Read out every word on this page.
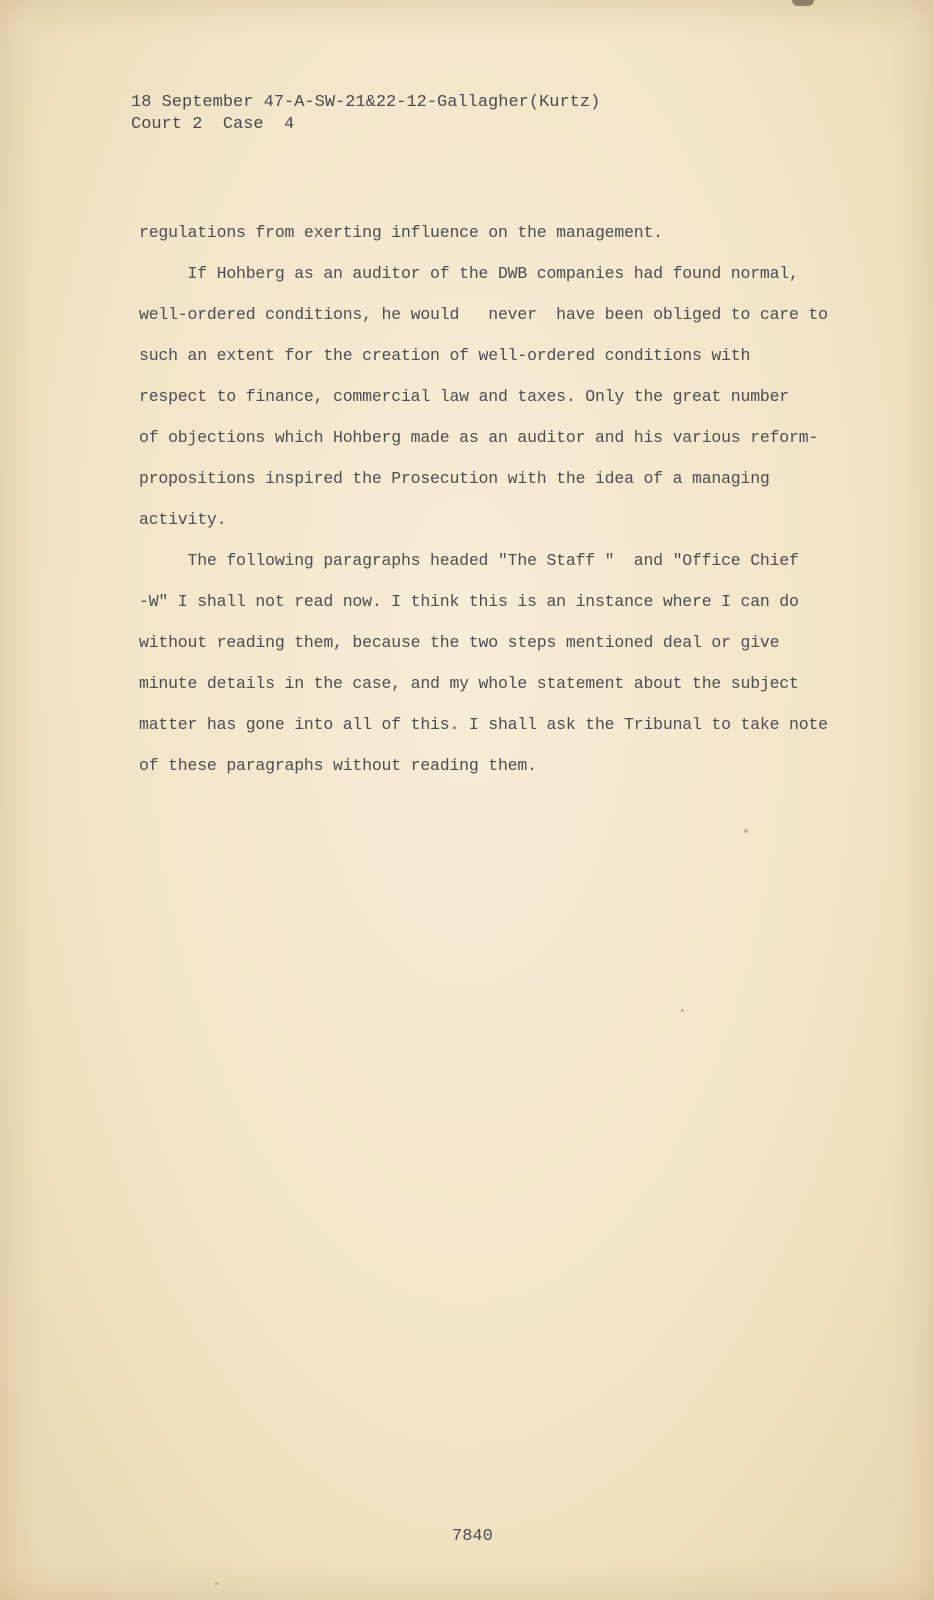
18 September 47-A-SW-21&22-12-Gallagher(Kurtz)
Court 2  Case  4
regulations from exerting influence on the management.
If Hohberg as an auditor of the DWB companies had found normal,
well-ordered conditions, he would   never  have been obliged to care to
such an extent for the creation of well-ordered conditions with
respect to finance, commercial law and taxes. Only the great number
of objections which Hohberg made as an auditor and his various reform-
propositions inspired the Prosecution with the idea of a managing
activity.
The following paragraphs headed "The Staff "  and "Office Chief
-W" I shall not read now. I think this is an instance where I can do
without reading them, because the two steps mentioned deal or give
minute details in the case, and my whole statement about the subject
matter has gone into all of this. I shall ask the Tribunal to take note
of these paragraphs without reading them.
7840
